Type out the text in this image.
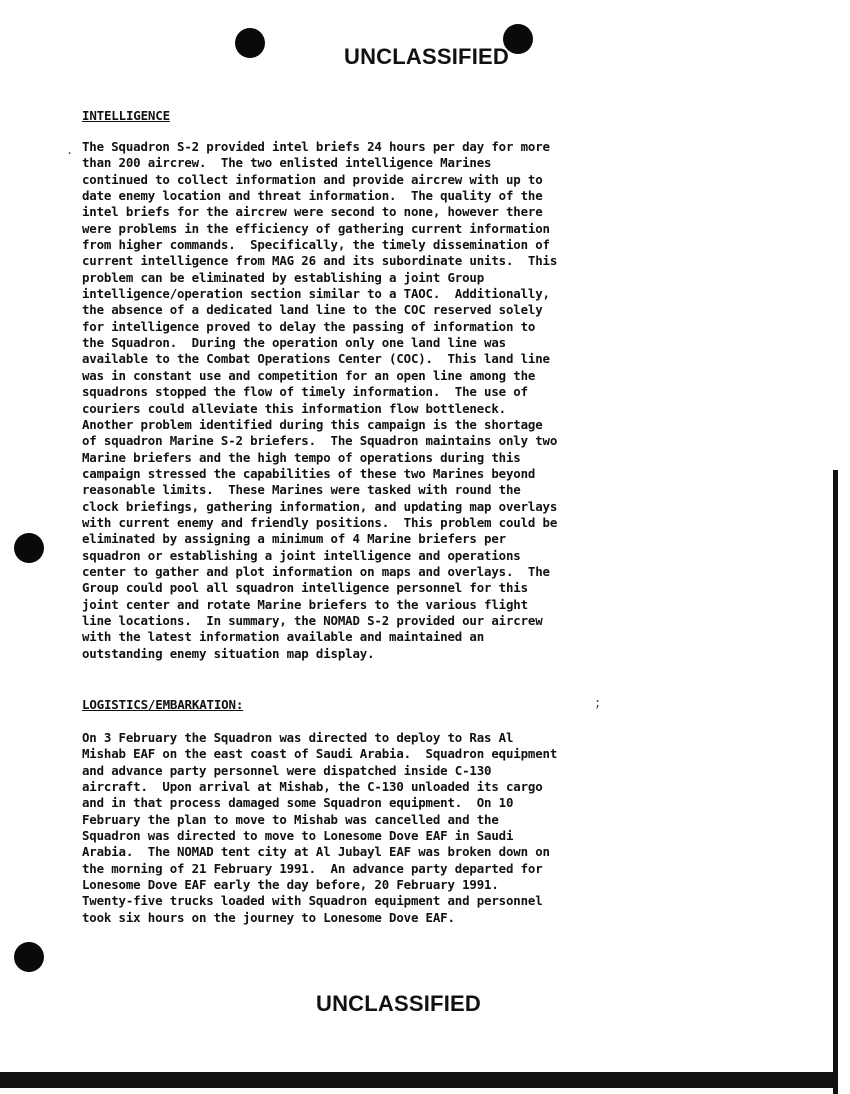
UNCLASSIFIED
INTELLIGENCE
. The Squadron S-2 provided intel briefs 24 hours per day for more
than 200 aircrew.  The two enlisted intelligence Marines
continued to collect information and provide aircrew with up to
date enemy location and threat information.  The quality of the
intel briefs for the aircrew were second to none, however there
were problems in the efficiency of gathering current information
from higher commands.  Specifically, the timely dissemination of
current intelligence from MAG 26 and its subordinate units.  This
problem can be eliminated by establishing a joint Group
intelligence/operation section similar to a TAOC.  Additionally,
the absence of a dedicated land line to the COC reserved solely
for intelligence proved to delay the passing of information to
the Squadron.  During the operation only one land line was
available to the Combat Operations Center (COC).  This land line
was in constant use and competition for an open line among the
squadrons stopped the flow of timely information.  The use of
couriers could alleviate this information flow bottleneck.
Another problem identified during this campaign is the shortage
of squadron Marine S-2 briefers.  The Squadron maintains only two
Marine briefers and the high tempo of operations during this
campaign stressed the capabilities of these two Marines beyond
reasonable limits.  These Marines were tasked with round the
clock briefings, gathering information, and updating map overlays
with current enemy and friendly positions.  This problem could be
eliminated by assigning a minimum of 4 Marine briefers per
squadron or establishing a joint intelligence and operations
center to gather and plot information on maps and overlays.  The
Group could pool all squadron intelligence personnel for this
joint center and rotate Marine briefers to the various flight
line locations.  In summary, the NOMAD S-2 provided our aircrew
with the latest information available and maintained an
outstanding enemy situation map display.
LOGISTICS/EMBARKATION:	;
On 3 February the Squadron was directed to deploy to Ras Al
Mishab EAF on the east coast of Saudi Arabia.  Squadron equipment
and advance party personnel were dispatched inside C-130
aircraft.  Upon arrival at Mishab, the C-130 unloaded its cargo
and in that process damaged some Squadron equipment.  On 10
February the plan to move to Mishab was cancelled and the
Squadron was directed to move to Lonesome Dove EAF in Saudi
Arabia.  The NOMAD tent city at Al Jubayl EAF was broken down on
the morning of 21 February 1991.  An advance party departed for
Lonesome Dove EAF early the day before, 20 February 1991.
Twenty-five trucks loaded with Squadron equipment and personnel
took six hours on the journey to Lonesome Dove EAF.
UNCLASSIFIED
